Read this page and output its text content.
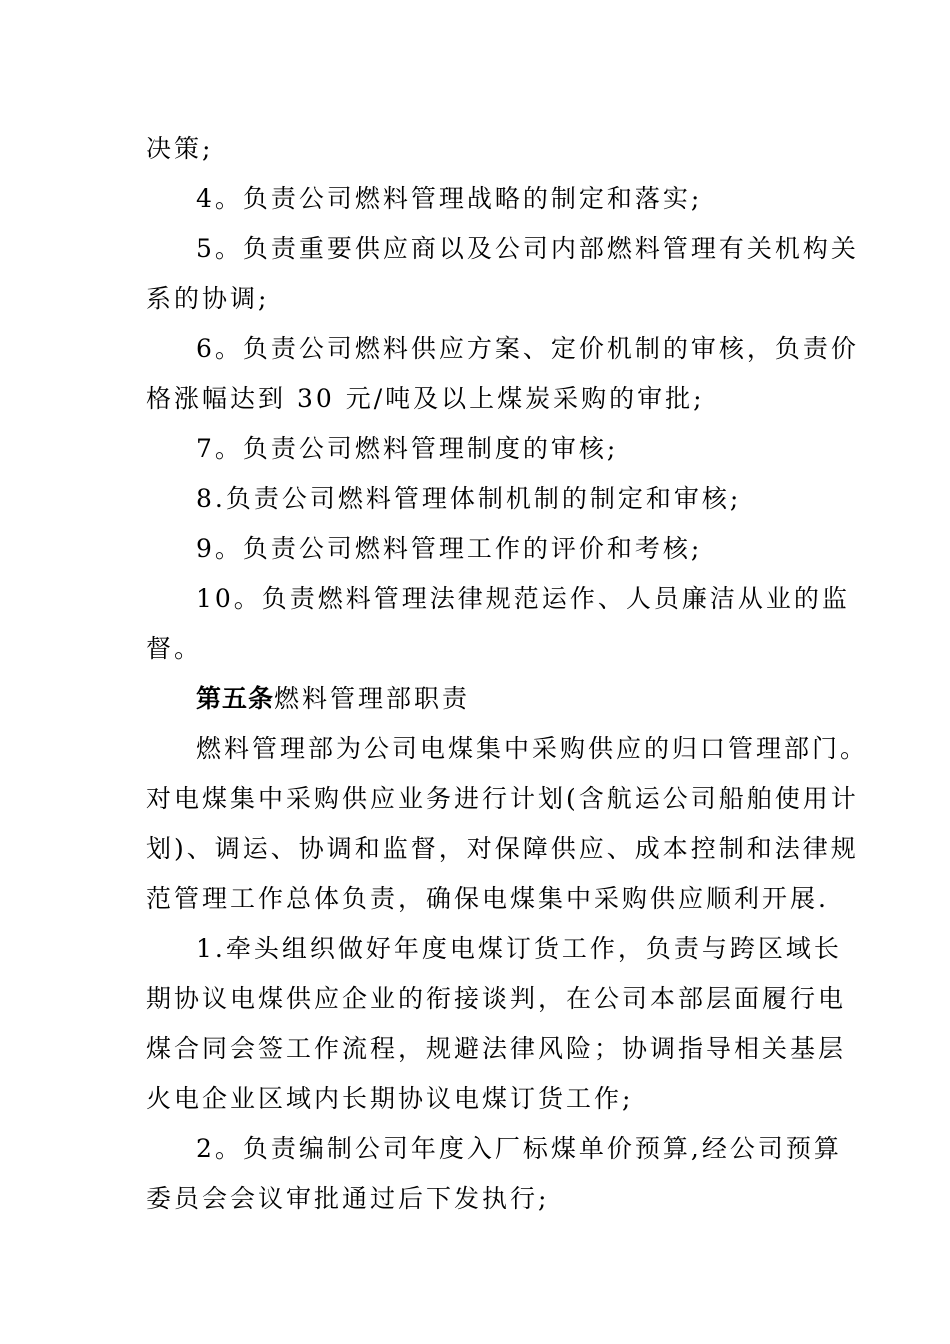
决策;
4。负责公司燃料管理战略的制定和落实;
5。负责重要供应商以及公司内部燃料管理有关机构关
系的协调;
6。负责公司燃料供应方案、定价机制的审核，负责价
格涨幅达到 30 元/吨及以上煤炭采购的审批;
7。负责公司燃料管理制度的审核;
8.负责公司燃料管理体制机制的制定和审核;
9。负责公司燃料管理工作的评价和考核;
10。负责燃料管理法律规范运作、人员廉洁从业的监
督。
第五条燃料管理部职责
燃料管理部为公司电煤集中采购供应的归口管理部门。
对电煤集中采购供应业务进行计划(含航运公司船舶使用计
划)、调运、协调和监督，对保障供应、成本控制和法律规
范管理工作总体负责，确保电煤集中采购供应顺利开展.
1.牵头组织做好年度电煤订货工作，负责与跨区域长
期协议电煤供应企业的衔接谈判，在公司本部层面履行电
煤合同会签工作流程，规避法律风险；协调指导相关基层
火电企业区域内长期协议电煤订货工作;
2。负责编制公司年度入厂标煤单价预算,经公司预算
委员会会议审批通过后下发执行;
